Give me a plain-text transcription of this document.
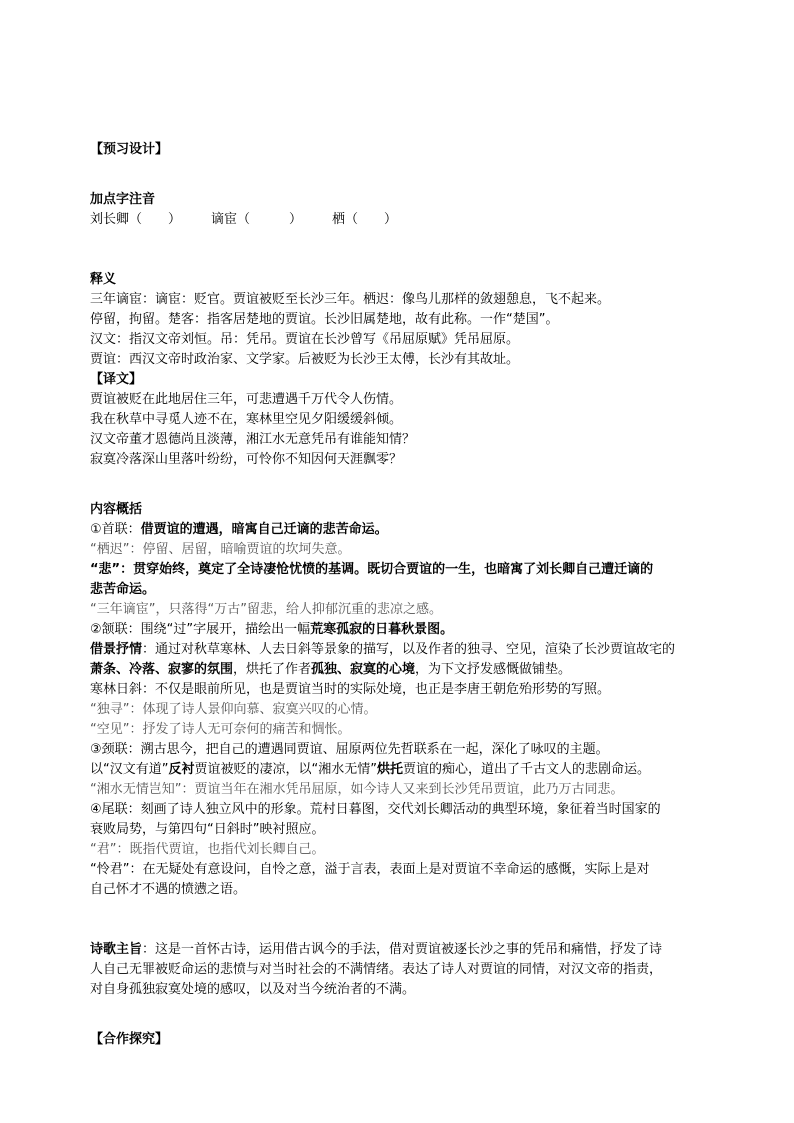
【预习设计】
加点字注音
刘长卿（　　） 谪宦（　　　） 栖（　　）
释义
三年谪宦：谪宦：贬官。贾谊被贬至长沙三年。栖迟：像鸟儿那样的敛翅憩息，飞不起来。
停留，拘留。楚客：指客居楚地的贾谊。长沙旧属楚地，故有此称。一作“楚国”。
汉文：指汉文帝刘恒。吊：凭吊。贾谊在长沙曾写《吊屈原赋》凭吊屈原。
贾谊：西汉文帝时政治家、文学家。后被贬为长沙王太傅，长沙有其故址。
【译文】
贾谊被贬在此地居住三年，可悲遭遇千万代令人伤情。
我在秋草中寻觅人迹不在，寒林里空见夕阳缓缓斜倾。
汉文帝董才恩德尚且淡薄，湘江水无意凭吊有谁能知情？
寂寞冷落深山里落叶纷纷，可怜你不知因何天涯飘零？
内容概括
①首联：借贾谊的遭遇，暗寓自己迁谪的悲苦命运。
“栖迟”：停留、居留，暗喻贾谊的坎坷失意。
“悲”：贯穿始终，奠定了全诗凄怆忧愤的基调。既切合贾谊的一生，也暗寓了刘长卿自己遭迁谪的
悲苦命运。
“三年谪宦”，只落得“万古”留悲，给人抑郁沉重的悲凉之感。
②颔联：围绕“过”字展开，描绘出一幅荒寒孤寂的日暮秋景图。
借景抒情：通过对秋草寒林、人去日斜等景象的描写，以及作者的独寻、空见，渲染了长沙贾谊故宅的
萧条、冷落、寂寥的氛围，烘托了作者孤独、寂寞的心境，为下文抒发感慨做铺垫。
寒林日斜：不仅是眼前所见，也是贾谊当时的实际处境，也正是李唐王朝危殆形势的写照。
“独寻”：体现了诗人景仰向慕、寂寞兴叹的心情。
“空见”：抒发了诗人无可奈何的痛苦和惆怅。
③颈联：溯古思今，把自己的遭遇同贾谊、屈原两位先哲联系在一起，深化了咏叹的主题。
以“汉文有道”反衬贾谊被贬的凄凉，以“湘水无情”烘托贾谊的痴心，道出了千古文人的悲剧命运。
“湘水无情岂知”：贾谊当年在湘水凭吊屈原，如今诗人又来到长沙凭吊贾谊，此乃万古同悲。
④尾联：刻画了诗人独立风中的形象。荒村日暮图，交代刘长卿活动的典型环境，象征着当时国家的
衰败局势，与第四句“日斜时”映衬照应。
“君”：既指代贾谊，也指代刘长卿自己。
“怜君”：在无疑处有意设问，自怜之意，溢于言表，表面上是对贾谊不幸命运的感慨，实际上是对
自己怀才不遇的愤懑之语。
诗歌主旨：这是一首怀古诗，运用借古讽今的手法，借对贾谊被逐长沙之事的凭吊和痛惜，抒发了诗
人自己无罪被贬命运的悲愤与对当时社会的不满情绪。表达了诗人对贾谊的同情，对汉文帝的指责，
对自身孤独寂寞处境的感叹，以及对当今统治者的不满。
【合作探究】
